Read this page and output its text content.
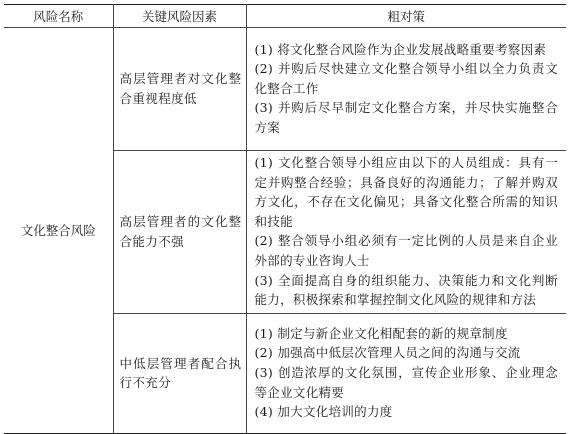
风险名称	关键风险因素	粗对策
文化整合风险	高层管理者对文化整合重视程度低	(1) 将文化整合风险作为企业发展战略重要考察因素
(2) 并购后尽快建立文化整合领导小组以全力负责文化整合工作
(3) 并购后尽早制定文化整合方案，并尽快实施整合方案

	高层管理者的文化整合能力不强	(1) 文化整合领导小组应由以下的人员组成：具有一定并购整合经验；具备良好的沟通能力；了解并购双方文化，不存在文化偏见；具备文化整合所需的知识和技能
(2) 整合领导小组必须有一定比例的人员是来自企业外部的专业咨询人士
(3) 全面提高自身的组织能力、决策能力和文化判断能力，积极探索和掌握控制文化风险的规律和方法

	中低层管理者配合执行不充分	(1) 制定与新企业文化相配套的新的规章制度
(2) 加强高中低层次管理人员之间的沟通与交流
(3) 创造浓厚的文化氛围，宣传企业形象、企业理念等企业文化精要
(4) 加大文化培训的力度
